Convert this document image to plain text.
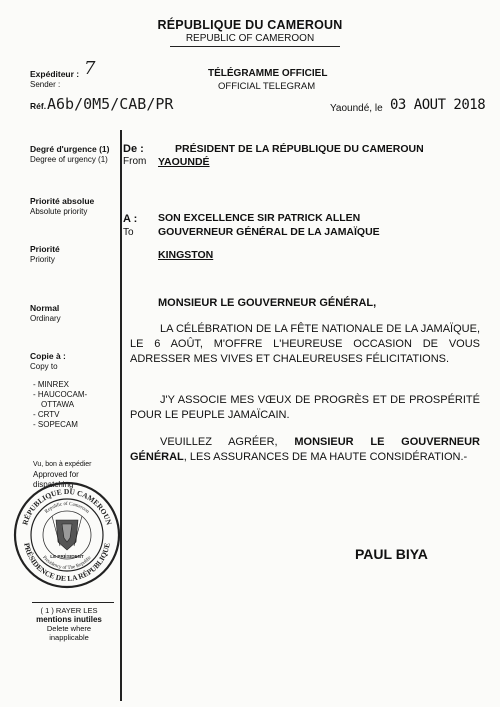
RÉPUBLIQUE DU CAMEROUN
REPUBLIC OF CAMEROON
Expéditeur :
Sender :
7
Réf. A6b/0M5/CAB/PR
TÉLÉGRAMME OFFICIEL
OFFICIAL TELEGRAM
Yaoundé, le 03 AOUT 2018
Degré d'urgence (1)
Degree of urgency (1)
Priorité absolue
Absolute priority
Priorité
Priority
Normal
Ordinary
Copie à :
Copy to
- MINREX
- HAUCOCAM-
OTTAWA
- CRTV
- SOPECAM
Vu, bon à expédier
Approved for
dispatching
RÉPUBLIQUE DU CAMEROUN
PRÉSIDENCE DE LA RÉPUBLIQUE
Republic of Cameroon
Presidency of The Republic
LE PRÉSIDENT
( 1 ) RAYER LES
mentions inutiles
Delete where
inapplicable
De :
From
PRÉSIDENT DE LA RÉPUBLIQUE DU CAMEROUN
YAOUNDÉ
A :
To
SON EXCELLENCE SIR PATRICK ALLEN
GOUVERNEUR GÉNÉRAL DE LA JAMAÏQUE
KINGSTON
MONSIEUR LE GOUVERNEUR GÉNÉRAL,
LA CÉLÉBRATION DE LA FÊTE NATIONALE DE LA JAMAÏQUE, LE 6 AOÛT, M'OFFRE L'HEUREUSE OCCASION DE VOUS ADRESSER MES VIVES ET CHALEUREUSES FÉLICITATIONS.
J'Y ASSOCIE MES VŒUX DE PROGRÈS ET DE PROSPÉRITÉ POUR LE PEUPLE JAMAÏCAIN.
VEUILLEZ AGRÉER, MONSIEUR LE GOUVERNEUR GÉNÉRAL, LES ASSURANCES DE MA HAUTE CONSIDÉRATION.-
PAUL BIYA
